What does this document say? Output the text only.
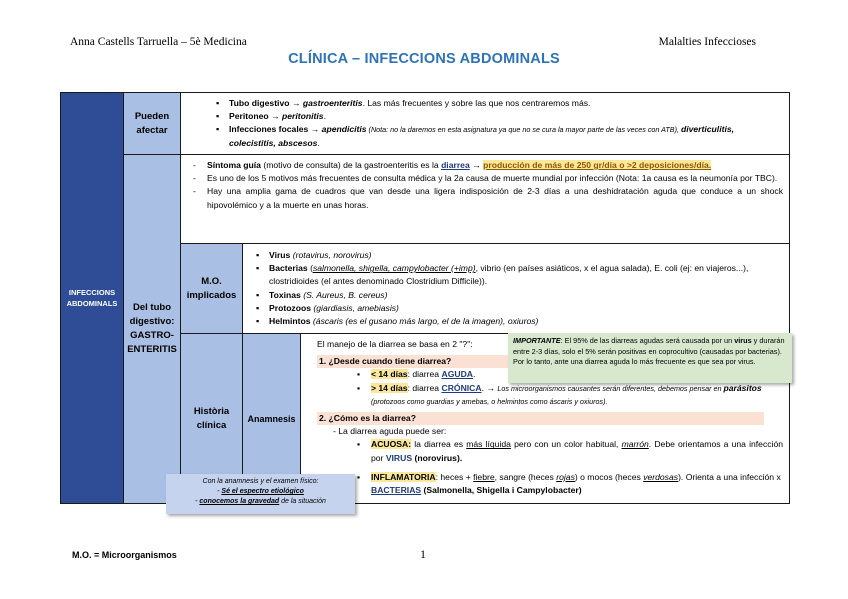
Anna Castells Tarruella – 5è Medicina	Malalties Infeccioses
CLÍNICA – INFECCIONS ABDOMINALS
INFECCIONS ABDOMINALS
Pueden afectar
▪ Tubo digestivo → gastroenteritis. Las más frecuentes y sobre las que nos centraremos más.
▪ Peritoneo → peritonitis.
▪ Infecciones focales → apendicitis (Nota: no la daremos en esta asignatura ya que no se cura la mayor parte de las veces con ATB), diverticulitis, colecistitis, abscesos.
Del tubo digestivo: GASTRO-ENTERITIS
- Síntoma guía (motivo de consulta) de la gastroenteritis es la diarrea → producción de más de 250 gr/día o >2 deposiciones/día.
- Es uno de los 5 motivos más frecuentes de consulta médica y la 2a causa de muerte mundial por infección (Nota: 1a causa es la neumonía por TBC).
- Hay una amplia gama de cuadros que van desde una ligera indisposición de 2-3 días a una deshidratación aguda que conduce a un shock hipovolémico y a la muerte en unas horas.
M.O. implicados
▪ Virus (rotavirus, norovirus)
▪ Bacterias (salmonella, shigella, campylobacter (+imp), vibrio (en países asiáticos, x el agua salada), E. coli (ej: en viajeros...), clostridioides (el antes denominado Clostridium Difficile)).
▪ Toxinas (S. Aureus, B. cereus)
▪ Protozoos (giardiasis, amebiasis)
▪ Helmintos (áscaris (es el gusano más largo, el de la imagen), oxiuros)
Història clínica
Anamnesis
El manejo de la diarrea se basa en 2 "?":
1. ¿Desde cuando tiene diarrea?
▪ < 14 días: diarrea AGUDA.
▪ > 14 días: diarrea CRÓNICA. → Los microorganismos causantes serán diferentes, debemos pensar en parásitos (protozoos como guardias y amebas, o helmintos como áscaris y oxiuros).
2. ¿Cómo es la diarrea?
- La diarrea aguda puede ser:
▪ ACUOSA: la diarrea es más líquida pero con un color habitual, marrón. Debe orientamos a una infección por VIRUS (norovirus).
▪ INFLAMATORIA: heces + fiebre, sangre (heces rojas) o mocos (heces verdosas). Orienta a una infección x BACTERIAS (Salmonella, Shigella i Campylobacter)
IMPORTANTE: El 95% de las diarreas agudas será causada por un virus y durarán entre 2-3 días, solo el 5% serán positivas en coprocultivo (causadas por bacterias). Por lo tanto, ante una diarrea aguda lo más frecuente es que sea por virus.
Con la anamnesis y el examen físico:
- Sé el espectro etiológico
- conocemos la gravedad de la situación
M.O. = Microorganismos	1
